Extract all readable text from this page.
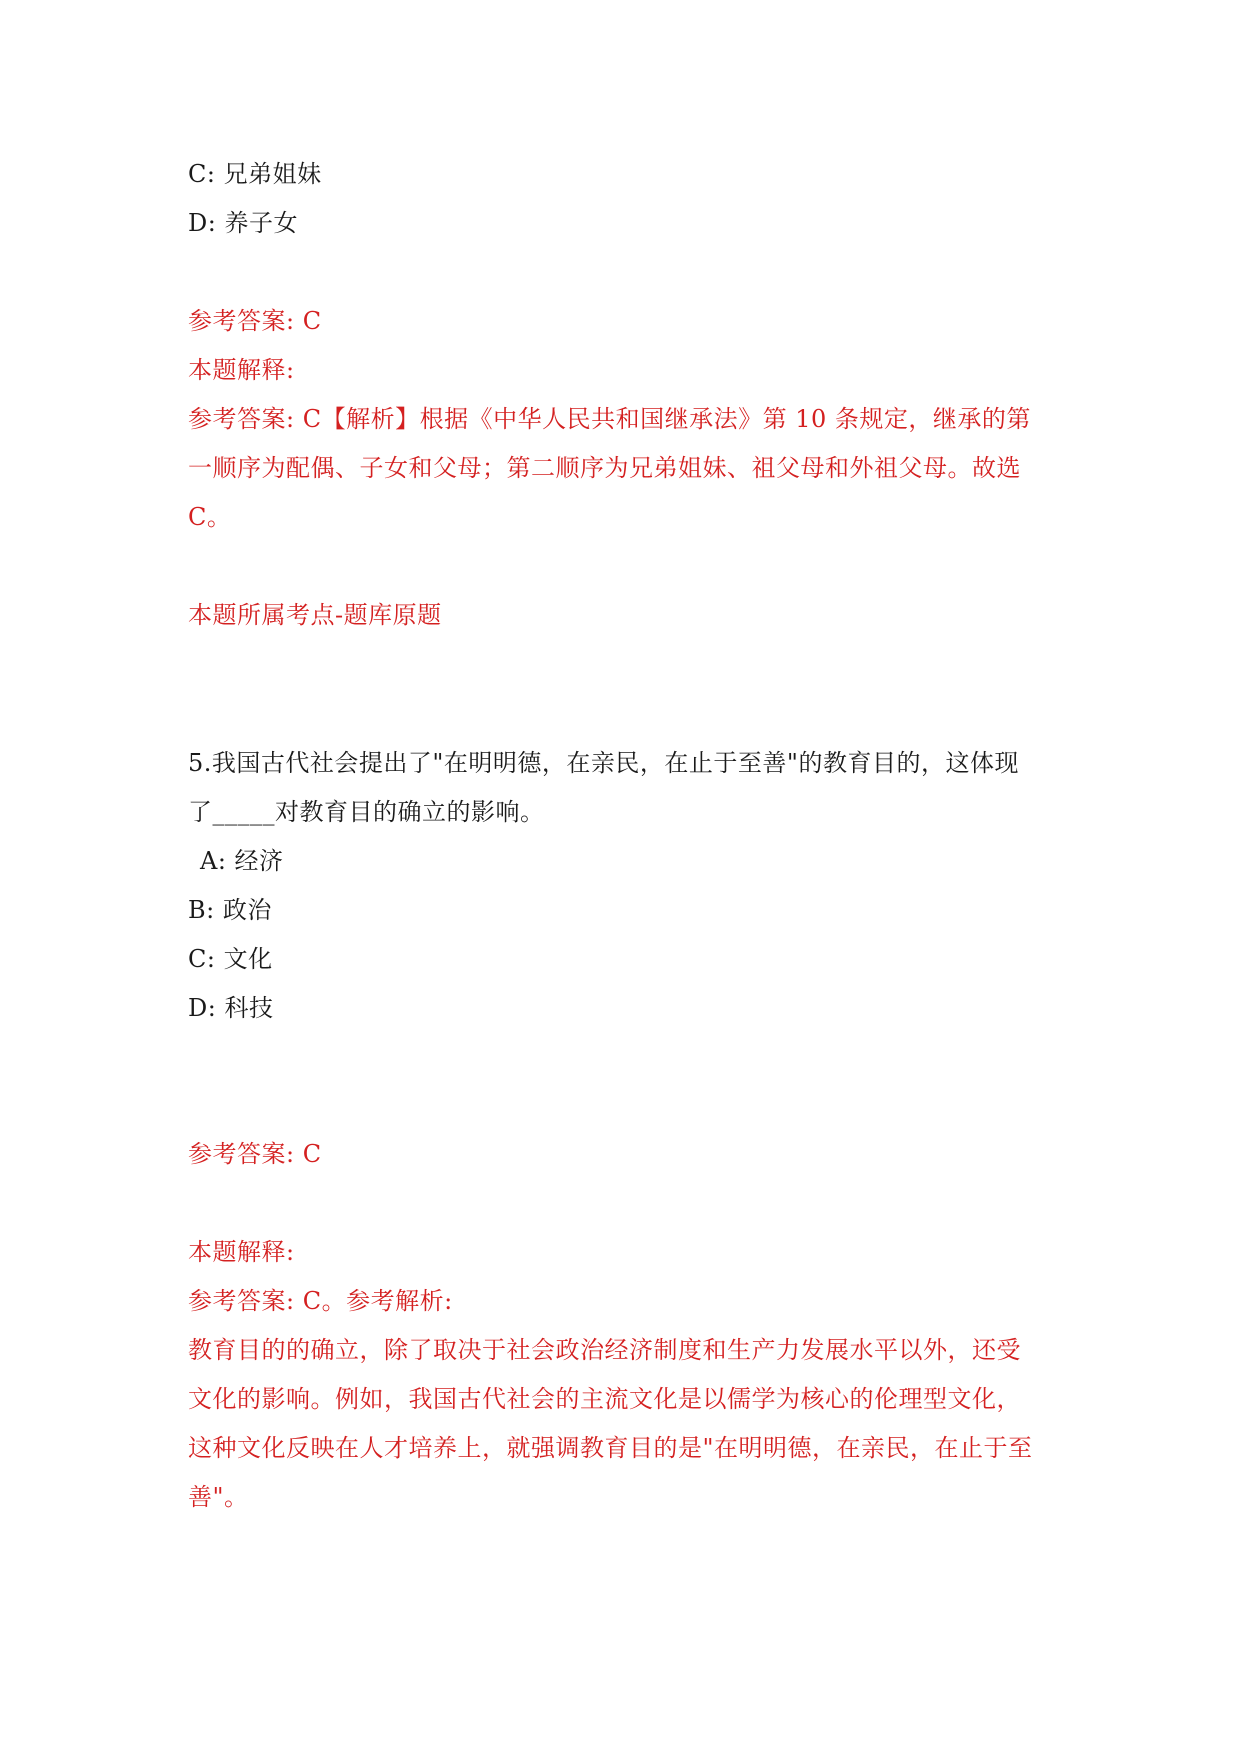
C: 兄弟姐妹
D: 养子女
参考答案: C
本题解释:
参考答案: C【解析】根据《中华人民共和国继承法》第 10 条规定，继承的第
一顺序为配偶、子女和父母；第二顺序为兄弟姐妹、祖父母和外祖父母。故选
C。
本题所属考点-题库原题
5.我国古代社会提出了"在明明德，在亲民，在止于至善"的教育目的，这体现
了_____对教育目的确立的影响。
A: 经济
B: 政治
C: 文化
D: 科技
参考答案: C
本题解释:
参考答案: C。参考解析:
教育目的的确立，除了取决于社会政治经济制度和生产力发展水平以外，还受
文化的影响。例如，我国古代社会的主流文化是以儒学为核心的伦理型文化，
这种文化反映在人才培养上，就强调教育目的是"在明明德，在亲民，在止于至
善"。
